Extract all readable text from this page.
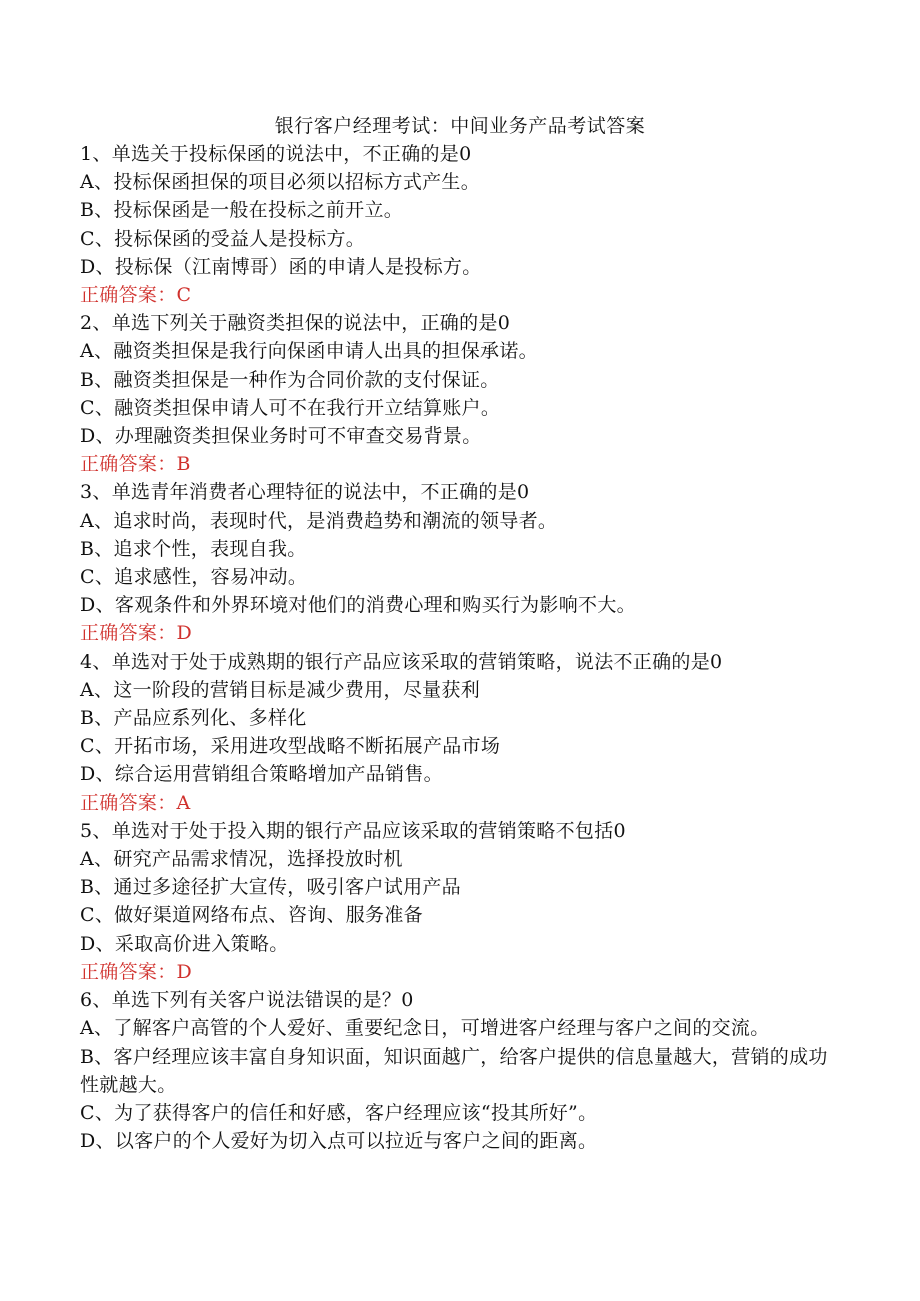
银行客户经理考试：中间业务产品考试答案
1、单选关于投标保函的说法中，不正确的是0
A、投标保函担保的项目必须以招标方式产生。
B、投标保函是一般在投标之前开立。
C、投标保函的受益人是投标方。
D、投标保（江南博哥）函的申请人是投标方。
正确答案：C
2、单选下列关于融资类担保的说法中，正确的是0
A、融资类担保是我行向保函申请人出具的担保承诺。
B、融资类担保是一种作为合同价款的支付保证。
C、融资类担保申请人可不在我行开立结算账户。
D、办理融资类担保业务时可不审查交易背景。
正确答案：B
3、单选青年消费者心理特征的说法中，不正确的是0
A、追求时尚，表现时代，是消费趋势和潮流的领导者。
B、追求个性，表现自我。
C、追求感性，容易冲动。
D、客观条件和外界环境对他们的消费心理和购买行为影响不大。
正确答案：D
4、单选对于处于成熟期的银行产品应该采取的营销策略，说法不正确的是0
A、这一阶段的营销目标是减少费用，尽量获利
B、产品应系列化、多样化
C、开拓市场，采用进攻型战略不断拓展产品市场
D、综合运用营销组合策略增加产品销售。
正确答案：A
5、单选对于处于投入期的银行产品应该采取的营销策略不包括0
A、研究产品需求情况，选择投放时机
B、通过多途径扩大宣传，吸引客户试用产品
C、做好渠道网络布点、咨询、服务准备
D、采取高价进入策略。
正确答案：D
6、单选下列有关客户说法错误的是？0
A、了解客户高管的个人爱好、重要纪念日，可增进客户经理与客户之间的交流。
B、客户经理应该丰富自身知识面，知识面越广，给客户提供的信息量越大，营销的成功性就越大。
C、为了获得客户的信任和好感，客户经理应该“投其所好”。
D、以客户的个人爱好为切入点可以拉近与客户之间的距离。
